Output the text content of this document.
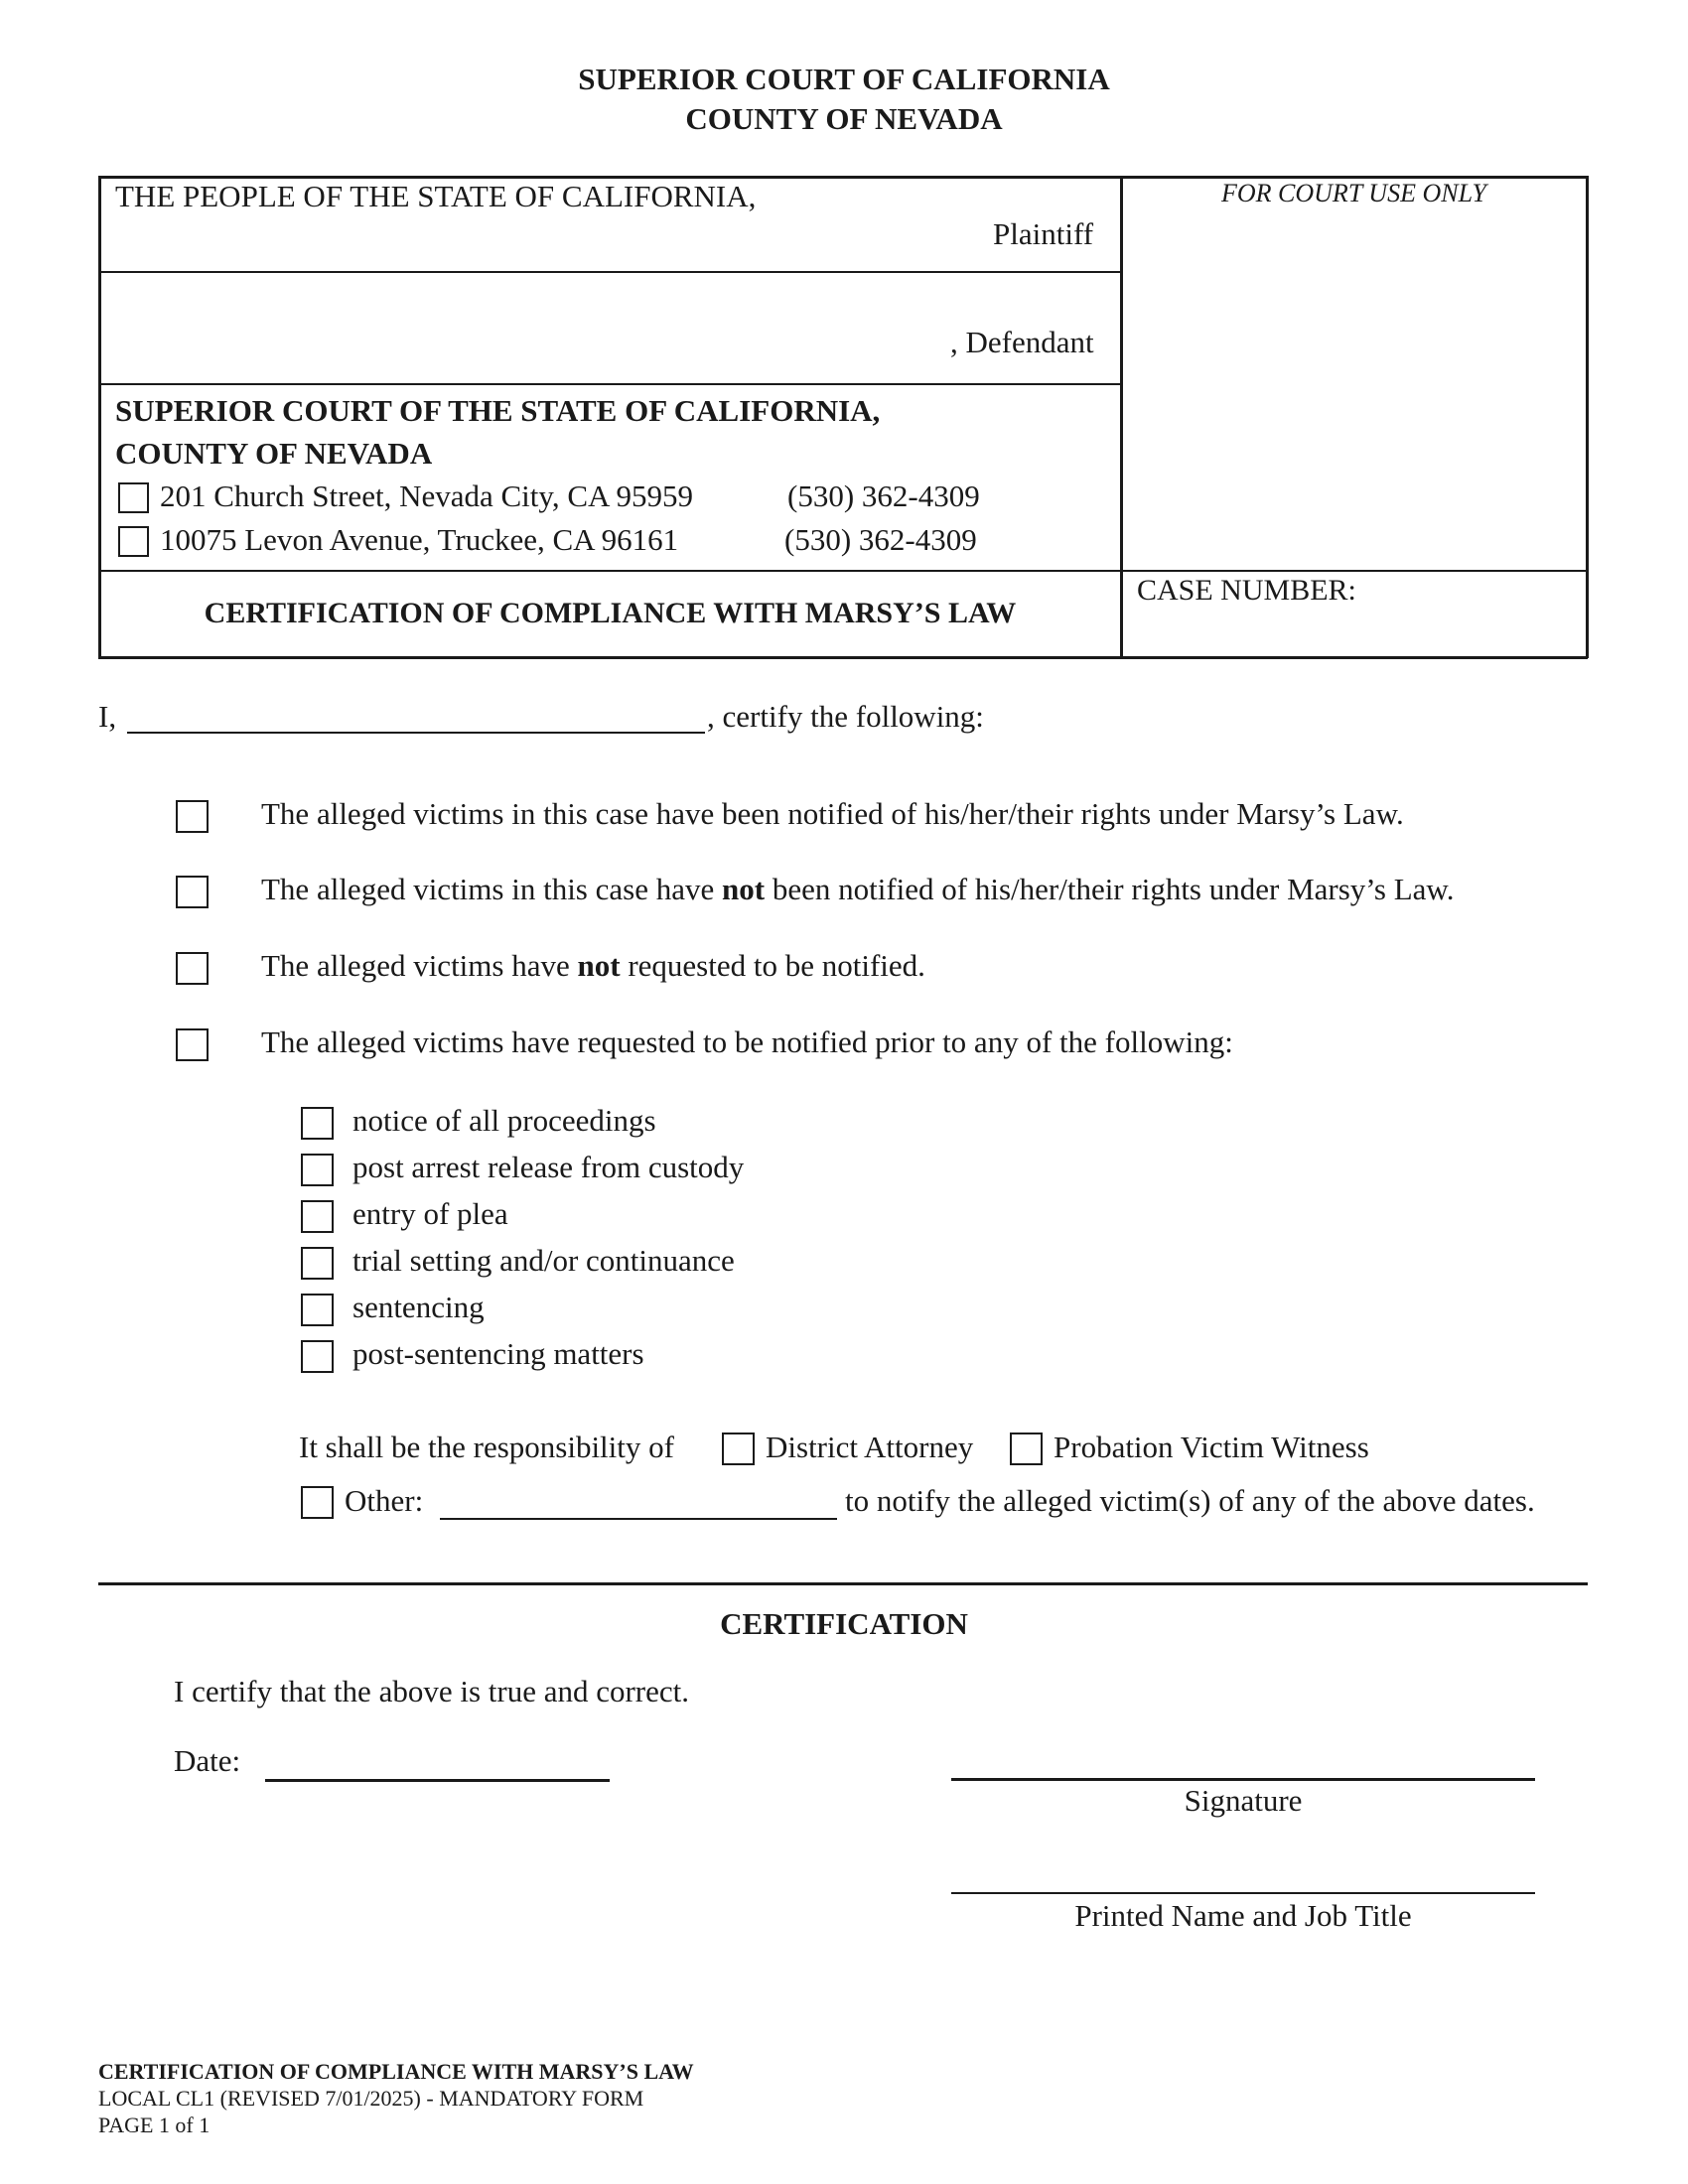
SUPERIOR COURT OF CALIFORNIA
COUNTY OF NEVADA
THE PEOPLE OF THE STATE OF CALIFORNIA,
Plaintiff
, Defendant
FOR COURT USE ONLY
SUPERIOR COURT OF THE STATE OF CALIFORNIA,
COUNTY OF NEVADA
201 Church Street, Nevada City, CA 95959	(530) 362-4309
10075 Levon Avenue, Truckee, CA 96161	(530) 362-4309
CERTIFICATION OF COMPLIANCE WITH MARSY’S LAW
CASE NUMBER:
I,	, certify the following:
The alleged victims in this case have been notified of his/her/their rights under Marsy’s Law.
The alleged victims in this case have not been notified of his/her/their rights under Marsy’s Law.
The alleged victims have not requested to be notified.
The alleged victims have requested to be notified prior to any of the following:
notice of all proceedings
post arrest release from custody
entry of plea
trial setting and/or continuance
sentencing
post-sentencing matters
It shall be the responsibility of	District Attorney	Probation Victim Witness
Other:	to notify the alleged victim(s) of any of the above dates.
CERTIFICATION
I certify that the above is true and correct.
Date:
Signature
Printed Name and Job Title
CERTIFICATION OF COMPLIANCE WITH MARSY’S LAW
LOCAL CL1 (REVISED 7/01/2025) - MANDATORY FORM
PAGE 1 of 1
